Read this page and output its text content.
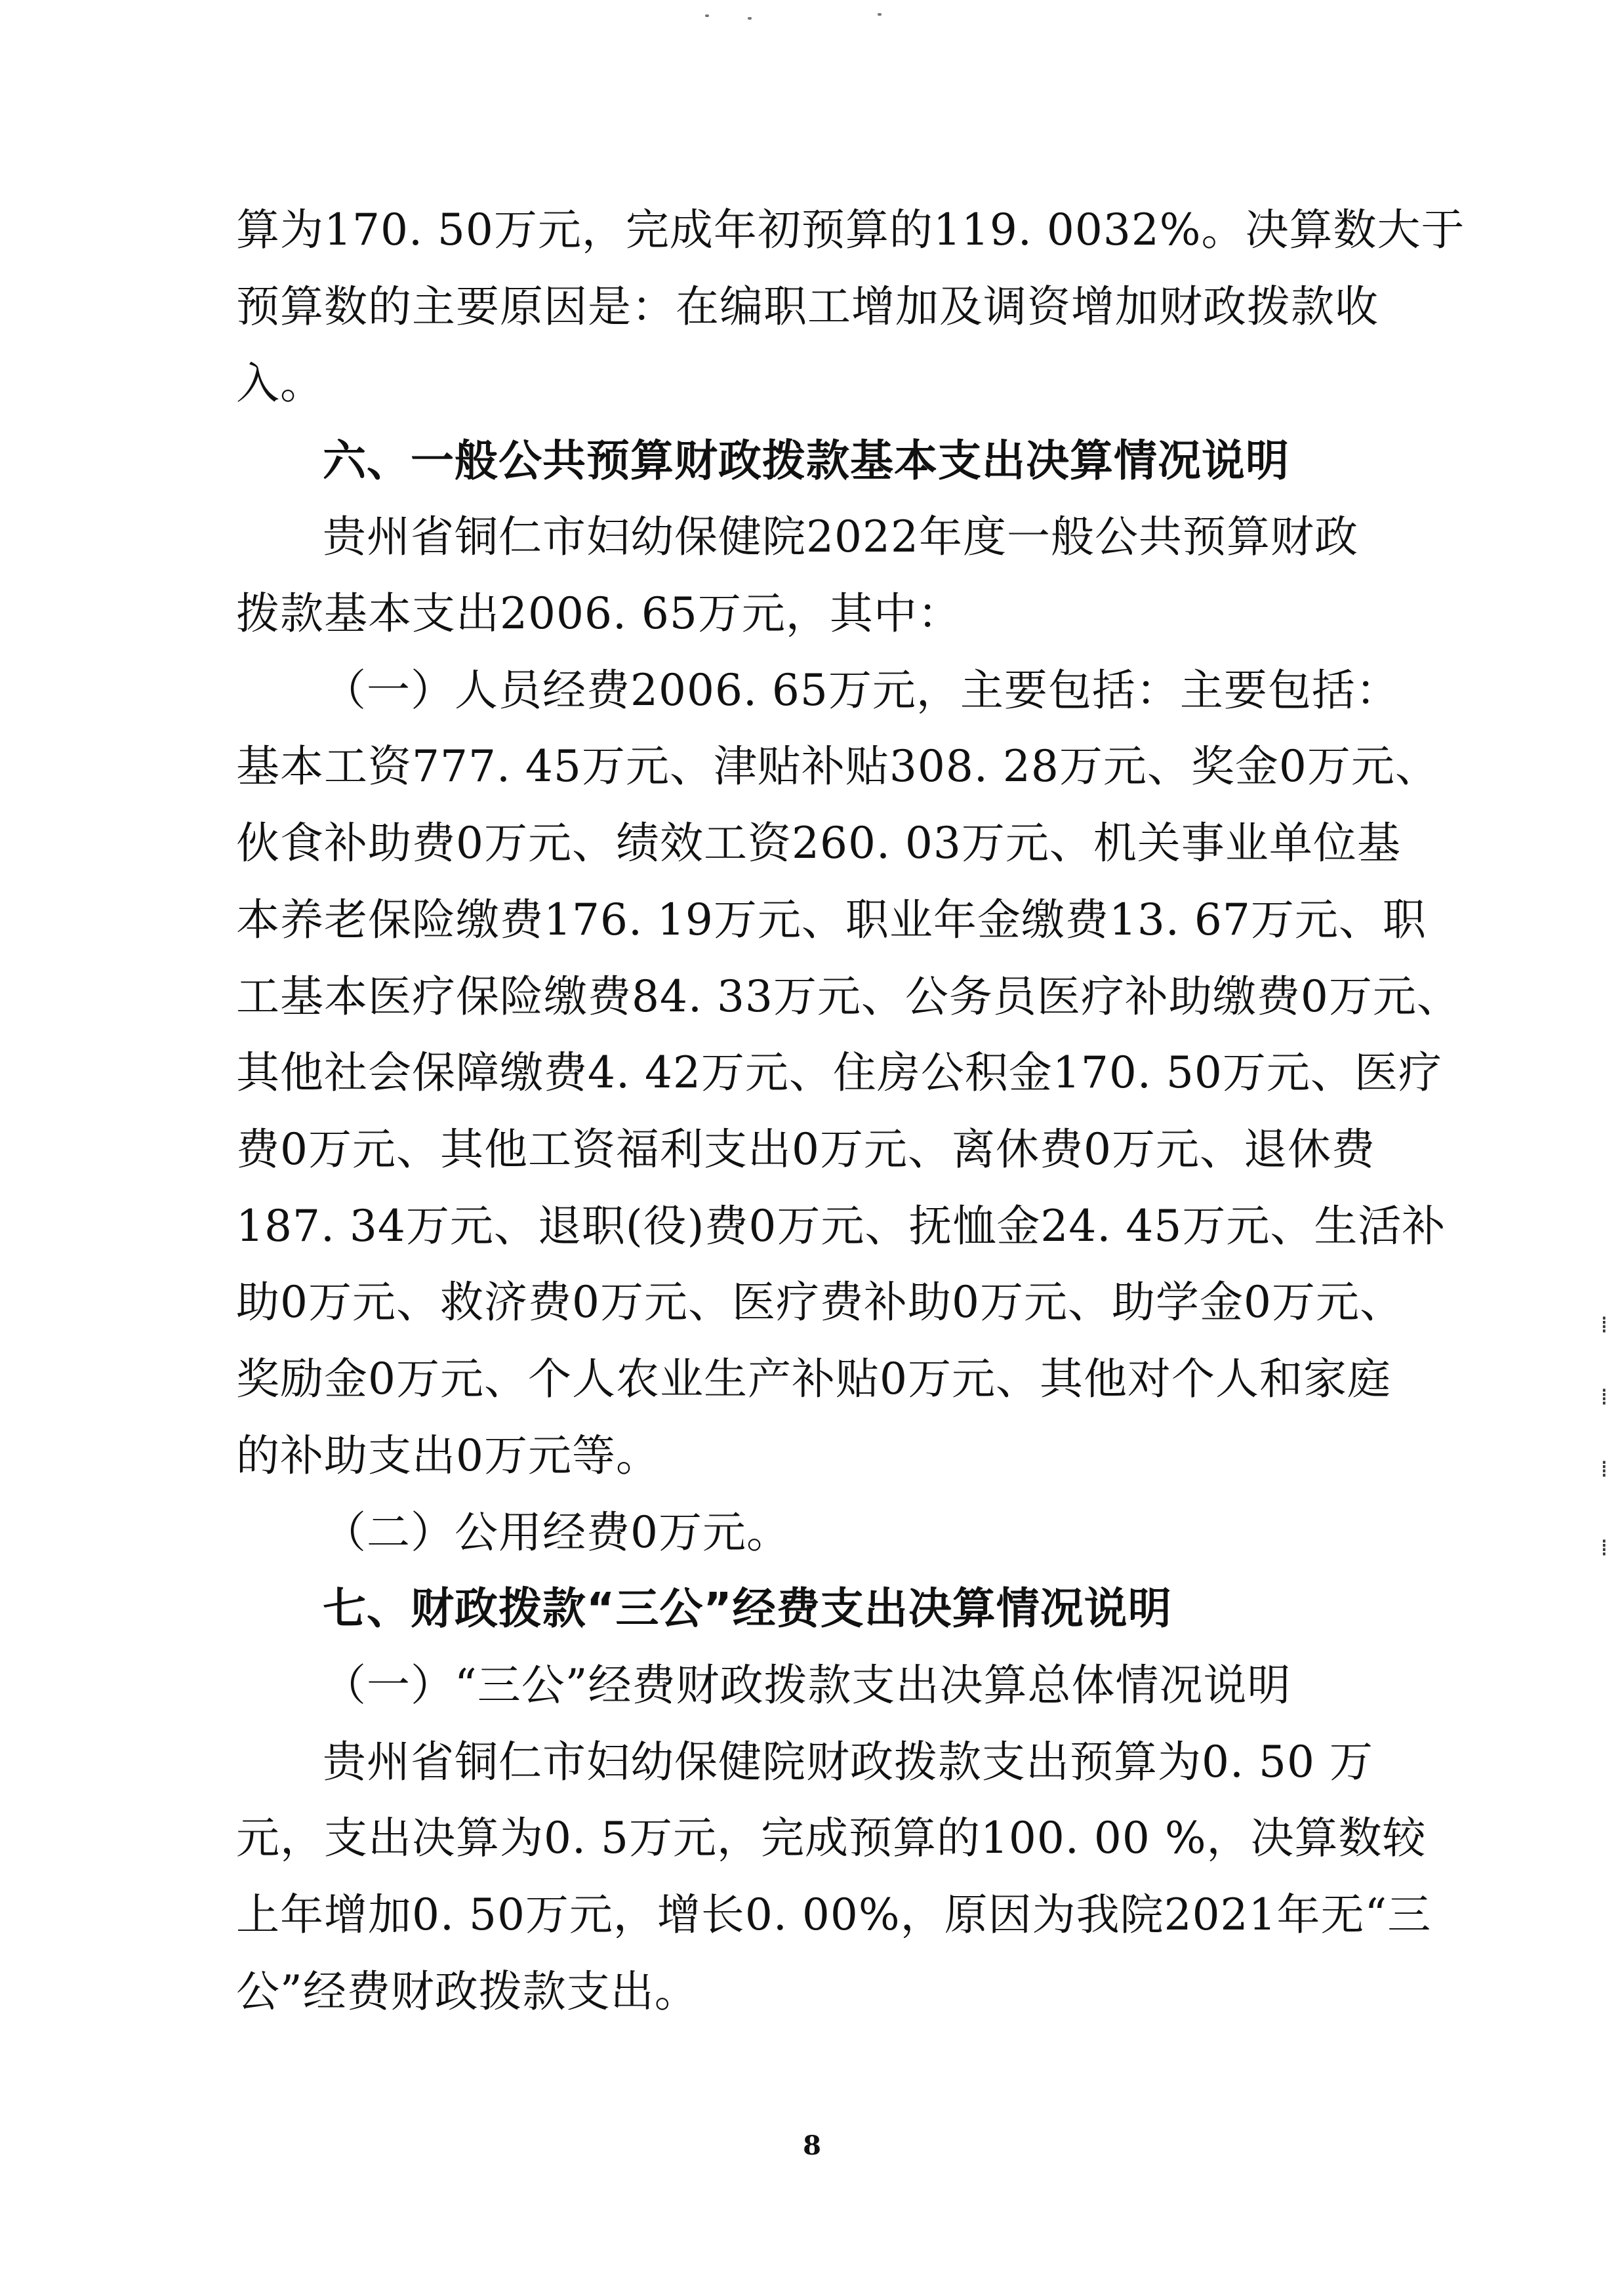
算为170. 50万元，完成年初预算的119. 0032%。决算数大于
预算数的主要原因是：在编职工增加及调资增加财政拨款收
入。
六、一般公共预算财政拨款基本支出决算情况说明
贵州省铜仁市妇幼保健院2022年度一般公共预算财政
拨款基本支出2006. 65万元，其中：
（一）人员经费2006. 65万元，主要包括：主要包括：
基本工资777. 45万元、津贴补贴308. 28万元、奖金0万元、
伙食补助费0万元、绩效工资260. 03万元、机关事业单位基
本养老保险缴费176. 19万元、职业年金缴费13. 67万元、职
工基本医疗保险缴费84. 33万元、公务员医疗补助缴费0万元、
其他社会保障缴费4. 42万元、住房公积金170. 50万元、医疗
费0万元、其他工资福利支出0万元、离休费0万元、退休费
187. 34万元、退职(役)费0万元、抚恤金24. 45万元、生活补
助0万元、救济费0万元、医疗费补助0万元、助学金0万元、
奖励金0万元、个人农业生产补贴0万元、其他对个人和家庭
的补助支出0万元等。
（二）公用经费0万元。
七、财政拨款“三公”经费支出决算情况说明
（一）“三公”经费财政拨款支出决算总体情况说明
贵州省铜仁市妇幼保健院财政拨款支出预算为0. 50 万
元，支出决算为0. 5万元，完成预算的100. 00 %，决算数较
上年增加0. 50万元，增长0. 00%，原因为我院2021年无“三
公”经费财政拨款支出。
8
⁞
⁞
⁞
⁞
